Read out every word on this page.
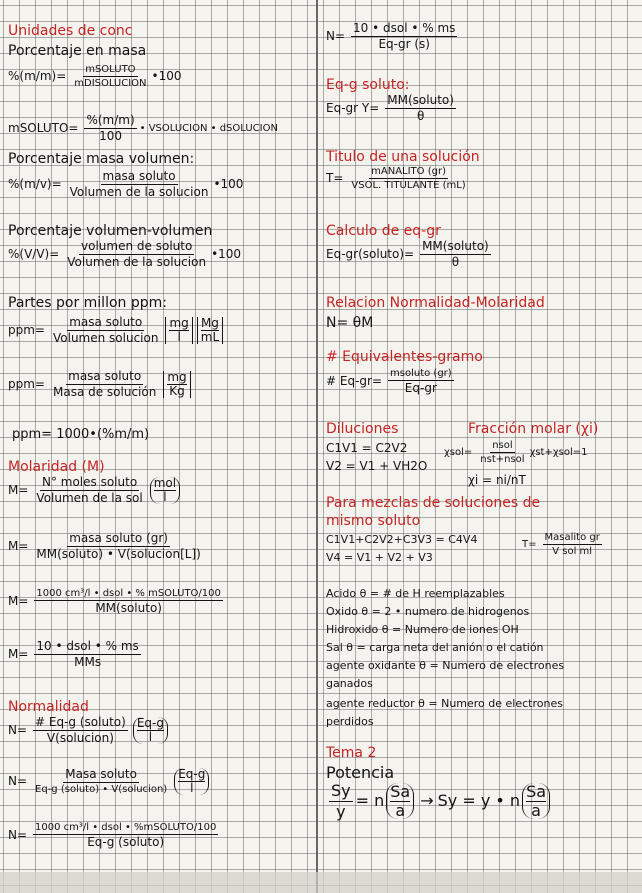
Unidades de conc
Porcentaje en masa
$\%(m/m)= \frac{\text{mSOLUTO}}{\text{mDISOLUCION}}$ •100
mSOLUTO= $\frac{\%(m/m)}{100}$ • VSOLUCION • dSOLUCION
Porcentaje masa volumen:
$\%(m/v)= \frac{\text{masa soluto}}{\text{Volumen de la solucion}}$ •100
Porcentaje volumen-volumen
$\%(V/V)= \frac{\text{volumen de soluto}}{\text{Volumen de la solucion}}$ •100
Partes por millon ppm:
$ppm= \frac{\text{masa soluto}}{\text{Volumen solucion}} \frac{mg}{l} \frac{Mg}{mL}$
$ppm= \frac{\text{masa soluto}}{\text{Masa de solución}} \frac{mg}{Kg}$
ppm= 1000•(%m/m)
Molaridad (M)
$M= \frac{\text{N° moles soluto}}{\text{Volumen de la sol}}$ mol
l
$M= \frac{\text{masa soluto (gr)}}{\text{MM(soluto) • V(solucion[L])}}$
$M= \frac{\text{1000 cm³/l • dsol • \% mSOLUTO/100}}{\text{MM(soluto)}}$
$M= \frac{\text{10 • dsol • \% ms}}{\text{MMs}}$
Normalidad
$N= \frac{\text{\# Eq-g (soluto)}}{\text{V(solucion)}} \frac{Eq-g}{l}$
$N= \frac{\text{Masa soluto}}{\text{Eq-g (soluto) • V(solucion)}} \frac{Eq-g}{l}$
$N= \frac{\text{1000 cm³/l • dsol • \%mSOLUTO/100}}{\text{Eq-g (soluto)}}$
$N= \frac{\text{10 • dsol • \% ms}}{Eq-gr (s)}$
Eq-g soluto:
Eq-gr $Y= \frac{\text{MM(soluto)}}{\theta}$
Titulo de una solución
$T= \frac{\text{mANALITO (gr)}}{\text{VSOL. TITULANTE (mL)}}$
Calculo de eq-gr
Eq-gr(soluto)= $\frac{\text{MM(soluto)}}{\theta}$
Relacion Normalidad-Molaridad
N= θM
# Equivalentes-gramo
# $Eq-gr= \frac{\text{msoluto (gr)}}{Eq-gr}$
Diluciones
C1V1 = C2V2
V2 = V1 + VH2O
Fracción molar (χi)
$\chi sol= \frac{\text{nsol}}{\text{nst+nsol}} \chi st+\chi sol=1$
χi = ni/nT
Para mezclas de soluciones de
mismo soluto
C1V1+C2V2+C3V3 = C4V4
V4 = V1 + V2 + V3
$T= \frac{\text{Masalito gr}}{\text{V sol ml}}$
Acido θ = # de H reemplazables
Oxido θ = 2 • numero de hidrogenos
Hidroxido θ = Numero de iones OH
Sal θ = carga neta del anión o el catión
agente oxidante θ = Numero de electrones
ganados
agente reductor θ = Numero de electrones
perdidos
Tema 2
Potencia
$\frac{Sy}{y} = n \frac{Sa}{a} \to Sy = y$ • n $\frac{Sa}{a}$
